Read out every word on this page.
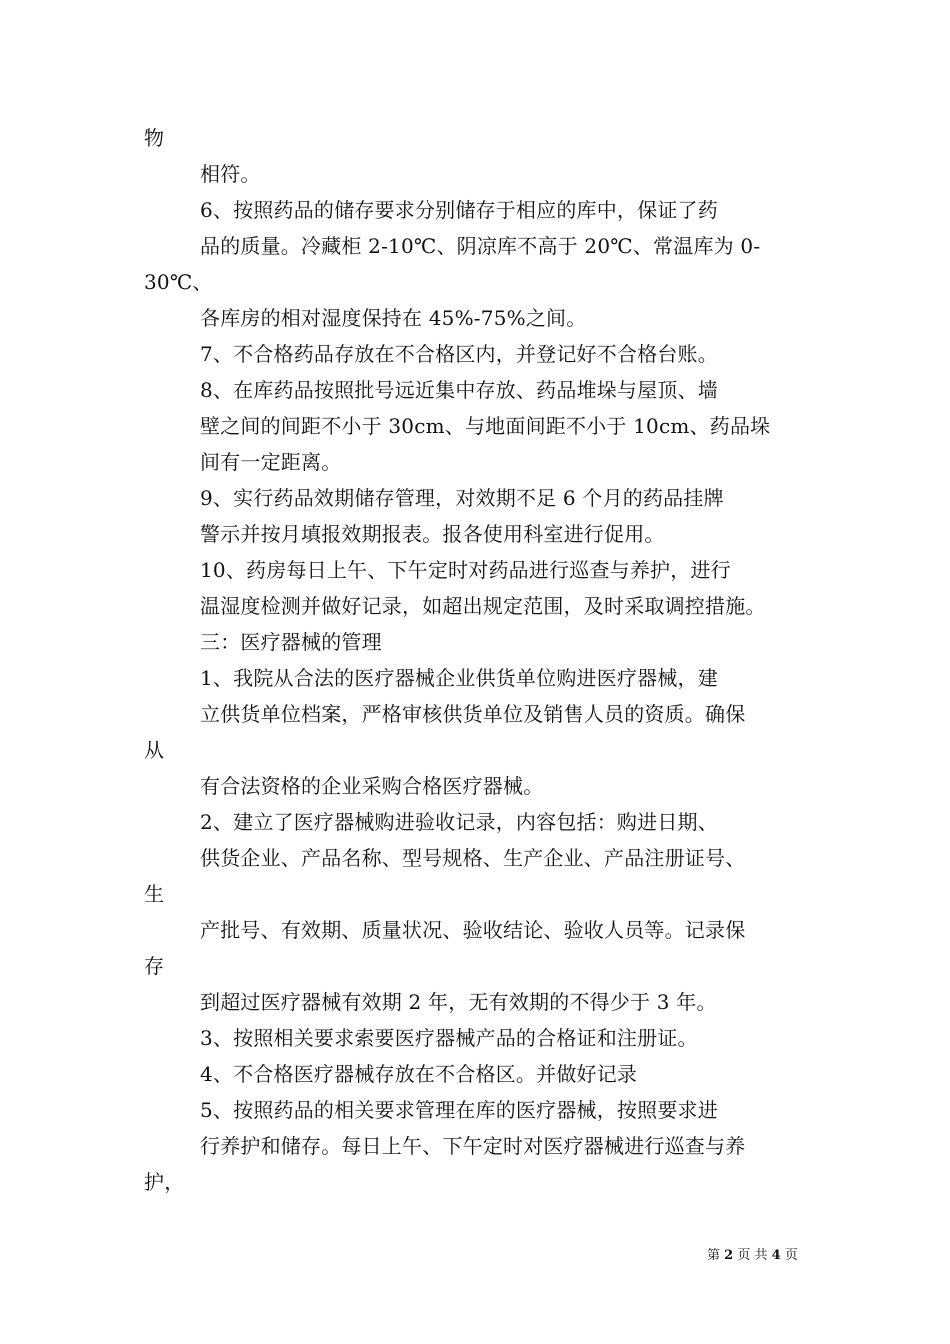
物
相符。
6、按照药品的储存要求分别储存于相应的库中，保证了药
品的质量。冷藏柜 2-10℃、阴凉库不高于 20℃、常温库为 0-
30℃、
各库房的相对湿度保持在 45%-75%之间。
7、不合格药品存放在不合格区内，并登记好不合格台账。
8、在库药品按照批号远近集中存放、药品堆垛与屋顶、墙
壁之间的间距不小于 30cm、与地面间距不小于 10cm、药品垛
间有一定距离。
9、实行药品效期储存管理，对效期不足 6 个月的药品挂牌
警示并按月填报效期报表。报各使用科室进行促用。
10、药房每日上午、下午定时对药品进行巡查与养护，进行
温湿度检测并做好记录，如超出规定范围，及时采取调控措施。
三：医疗器械的管理
1、我院从合法的医疗器械企业供货单位购进医疗器械，建
立供货单位档案，严格审核供货单位及销售人员的资质。确保
从
有合法资格的企业采购合格医疗器械。
2、建立了医疗器械购进验收记录，内容包括：购进日期、
供货企业、产品名称、型号规格、生产企业、产品注册证号、
生
产批号、有效期、质量状况、验收结论、验收人员等。记录保
存
到超过医疗器械有效期 2 年，无有效期的不得少于 3 年。
3、按照相关要求索要医疗器械产品的合格证和注册证。
4、不合格医疗器械存放在不合格区。并做好记录
5、按照药品的相关要求管理在库的医疗器械，按照要求进
行养护和储存。每日上午、下午定时对医疗器械进行巡查与养
护，
第 2 页 共 4 页
